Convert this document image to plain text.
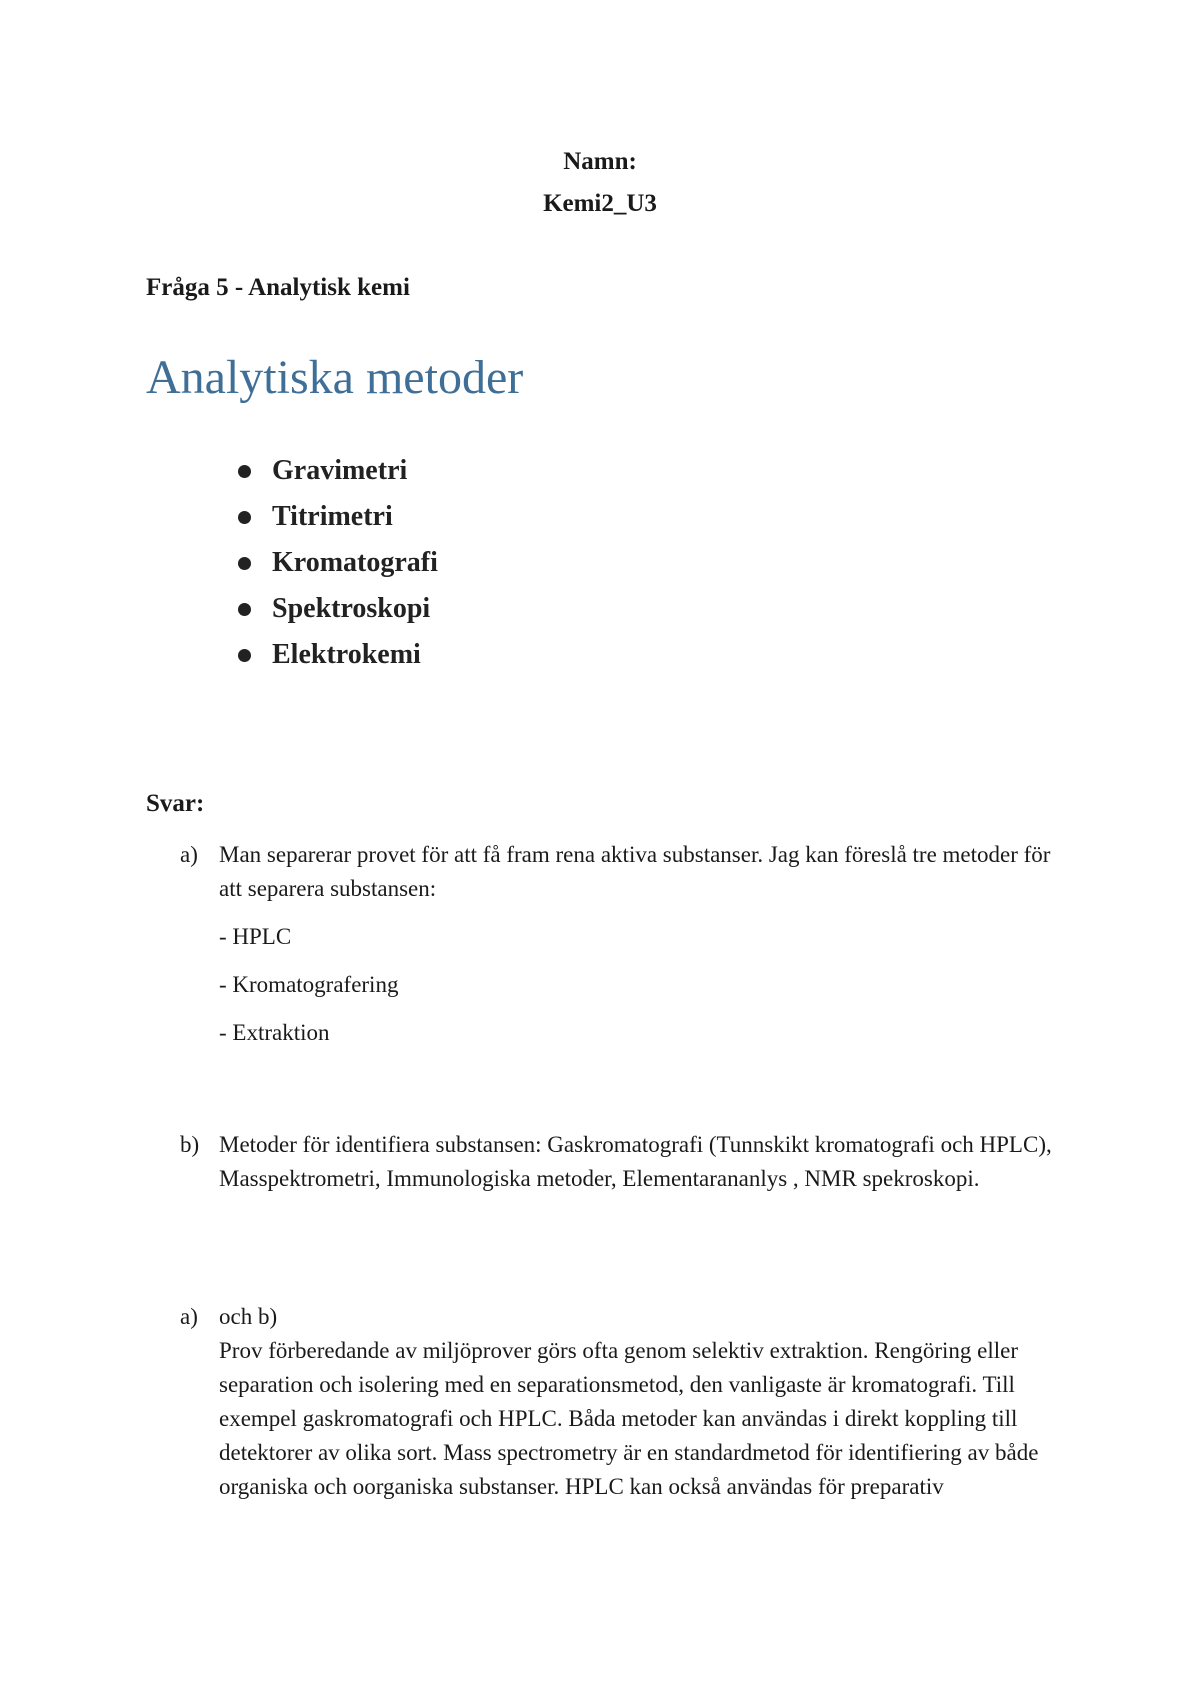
Namn:
Kemi2_U3
Fråga 5 - Analytisk kemi
Analytiska metoder
Gravimetri
Titrimetri
Kromatografi
Spektroskopi
Elektrokemi
Svar:
a) Man separerar provet för att få fram rena aktiva substanser. Jag kan föreslå tre metoder för att separera substansen:
- HPLC
- Kromatografering
- Extraktion
b) Metoder för identifiera substansen: Gaskromatografi (Tunnskikt kromatografi och HPLC), Masspektrometri, Immunologiska metoder, Elementarananlys , NMR spekroskopi.
a) och b)
Prov förberedande av miljöprover görs ofta genom selektiv extraktion. Rengöring eller separation och isolering med en separationsmetod, den vanligaste är kromatografi. Till exempel gaskromatografi och HPLC. Båda metoder kan användas i direkt koppling till detektorer av olika sort. Mass spectrometry är en standardmetod för identifiering av både organiska och oorganiska substanser. HPLC kan också användas för preparativ
